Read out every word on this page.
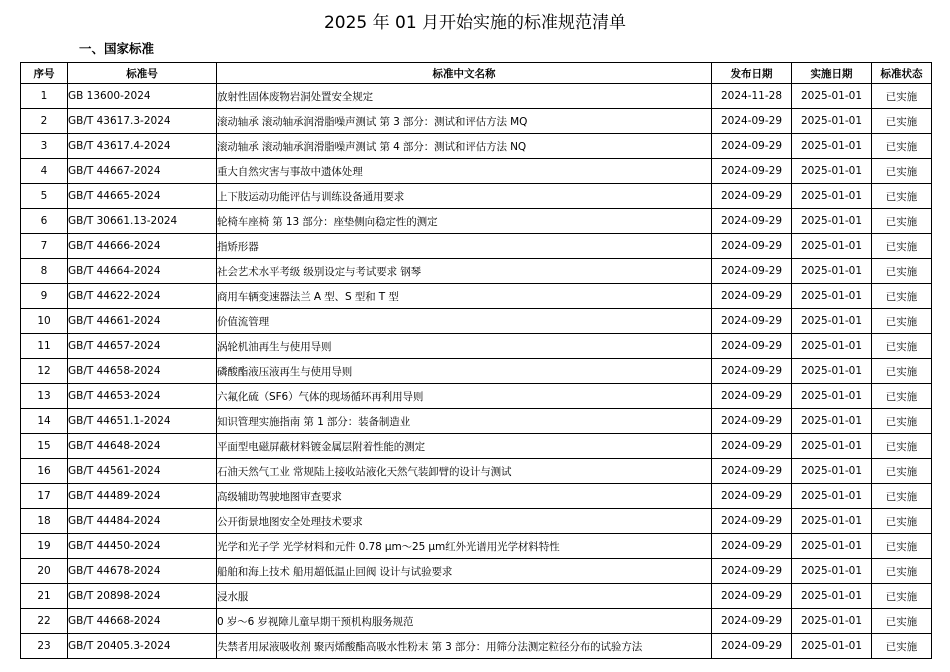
2025 年 01 月开始实施的标准规范清单
一、国家标准
序号	标准号	标准中文名称	发布日期	实施日期	标准状态
1	GB 13600-2024	放射性固体废物岩洞处置安全规定	2024-11-28	2025-01-01	已实施
2	GB/T 43617.3-2024	滚动轴承 滚动轴承润滑脂噪声测试 第 3 部分：测试和评估方法 MQ	2024-09-29	2025-01-01	已实施
3	GB/T 43617.4-2024	滚动轴承 滚动轴承润滑脂噪声测试 第 4 部分：测试和评估方法 NQ	2024-09-29	2025-01-01	已实施
4	GB/T 44667-2024	重大自然灾害与事故中遗体处理	2024-09-29	2025-01-01	已实施
5	GB/T 44665-2024	上下肢运动功能评估与训练设备通用要求	2024-09-29	2025-01-01	已实施
6	GB/T 30661.13-2024	轮椅车座椅 第 13 部分：座垫侧向稳定性的测定	2024-09-29	2025-01-01	已实施
7	GB/T 44666-2024	指矫形器	2024-09-29	2025-01-01	已实施
8	GB/T 44664-2024	社会艺术水平考级 级别设定与考试要求 钢琴	2024-09-29	2025-01-01	已实施
9	GB/T 44622-2024	商用车辆变速器法兰 A 型、S 型和 T 型	2024-09-29	2025-01-01	已实施
10	GB/T 44661-2024	价值流管理	2024-09-29	2025-01-01	已实施
11	GB/T 44657-2024	涡轮机油再生与使用导则	2024-09-29	2025-01-01	已实施
12	GB/T 44658-2024	磷酸酯液压液再生与使用导则	2024-09-29	2025-01-01	已实施
13	GB/T 44653-2024	六氟化硫（SF6）气体的现场循环再利用导则	2024-09-29	2025-01-01	已实施
14	GB/T 44651.1-2024	知识管理实施指南 第 1 部分：装备制造业	2024-09-29	2025-01-01	已实施
15	GB/T 44648-2024	平面型电磁屏蔽材料镀金属层附着性能的测定	2024-09-29	2025-01-01	已实施
16	GB/T 44561-2024	石油天然气工业 常规陆上接收站液化天然气装卸臂的设计与测试	2024-09-29	2025-01-01	已实施
17	GB/T 44489-2024	高级辅助驾驶地图审查要求	2024-09-29	2025-01-01	已实施
18	GB/T 44484-2024	公开街景地图安全处理技术要求	2024-09-29	2025-01-01	已实施
19	GB/T 44450-2024	光学和光子学 光学材料和元件 0.78 μm～25 μm红外光谱用光学材料特性	2024-09-29	2025-01-01	已实施
20	GB/T 44678-2024	船舶和海上技术 船用超低温止回阀 设计与试验要求	2024-09-29	2025-01-01	已实施
21	GB/T 20898-2024	浸水服	2024-09-29	2025-01-01	已实施
22	GB/T 44668-2024	0 岁～6 岁视障儿童早期干预机构服务规范	2024-09-29	2025-01-01	已实施
23	GB/T 20405.3-2024	失禁者用尿液吸收剂 聚丙烯酸酯高吸水性粉末 第 3 部分：用筛分法测定粒径分布的试验方法	2024-09-29	2025-01-01	已实施
